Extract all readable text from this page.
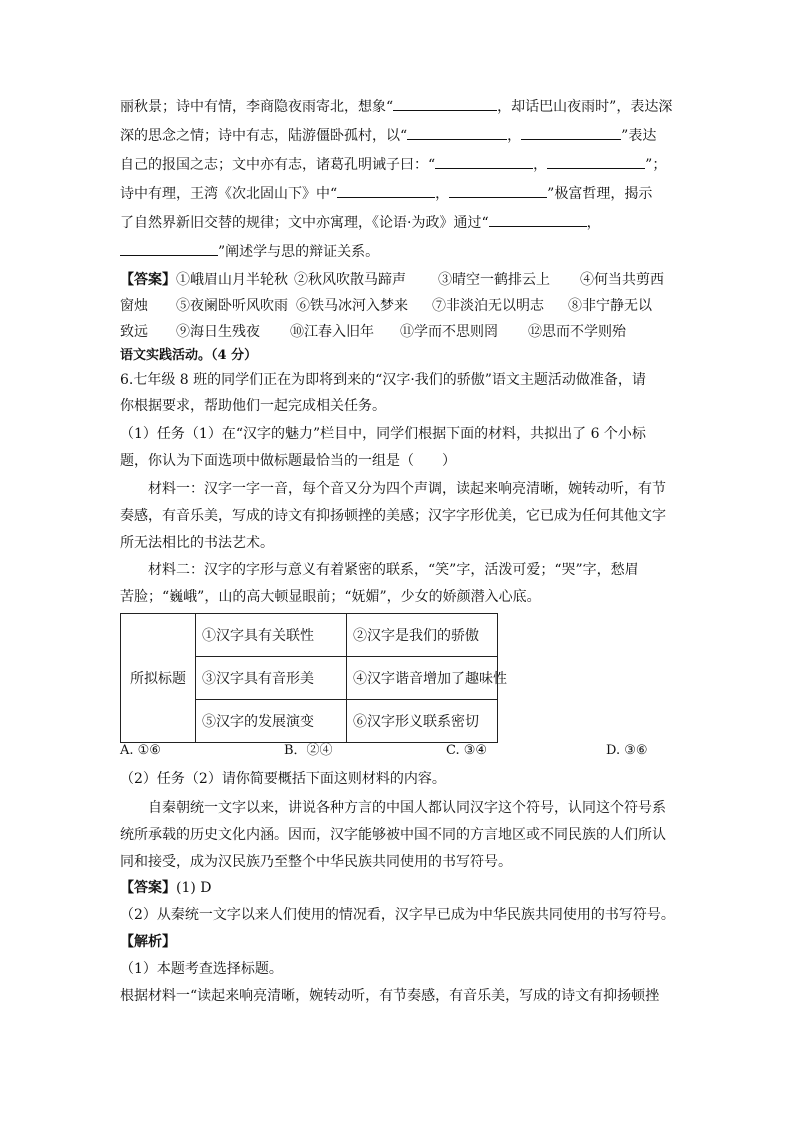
丽秋景；诗中有情，李商隐夜雨寄北，想象“	，却话巴山夜雨时”，表达深
深的思念之情；诗中有志，陆游僵卧孤村，以“	，	”表达
自己的报国之志；文中亦有志，诸葛孔明诫子曰：“	，	”；
诗中有理，王湾《次北固山下》中“	，	”极富哲理，揭示
了自然界新旧交替的规律；文中亦寓理，《论语·为政》通过“	，
”阐述学与思的辩证关系。
【答案】①峨眉山月半轮秋 ②秋风吹散马蹄声 ③晴空一鹤排云上 ④何当共剪西
窗烛 ⑤夜阑卧听风吹雨 ⑥铁马冰河入梦来 ⑦非淡泊无以明志 ⑧非宁静无以
致远 ⑨海日生残夜 ⑩江春入旧年 ⑪学而不思则罔 ⑫思而不学则殆
语文实践活动。（4 分）
6.七年级 8 班的同学们正在为即将到来的“汉字·我们的骄傲”语文主题活动做准备，请
你根据要求，帮助他们一起完成相关任务。
（1）任务（1）在“汉字的魅力”栏目中，同学们根据下面的材料，共拟出了 6 个小标
题，你认为下面选项中做标题最恰当的一组是（　　）
材料一：汉字一字一音，每个音又分为四个声调，读起来响亮清晰，婉转动听，有节
奏感，有音乐美，写成的诗文有抑扬顿挫的美感；汉字字形优美，它已成为任何其他文字
所无法相比的书法艺术。
材料二：汉字的字形与意义有着紧密的联系，“笑”字，活泼可爱；“哭”字，愁眉
苦脸；“巍峨”，山的高大顿显眼前；“妩媚”，少女的娇颜潜入心底。
所拟标题	①汉字具有关联性	②汉字是我们的骄傲
	③汉字具有音形美	④汉字谐音增加了趣味性
	⑤汉字的发展演变	⑥汉字形义联系密切
A. ①⑥	B．②④	C. ③④	D. ③⑥
（2）任务（2）请你简要概括下面这则材料的内容。
自秦朝统一文字以来，讲说各种方言的中国人都认同汉字这个符号，认同这个符号系
统所承载的历史文化内涵。因而，汉字能够被中国不同的方言地区或不同民族的人们所认
同和接受，成为汉民族乃至整个中华民族共同使用的书写符号。
【答案】(1) D
（2）从秦统一文字以来人们使用的情况看，汉字早已成为中华民族共同使用的书写符号。
【解析】
（1）本题考查选择标题。
根据材料一“读起来响亮清晰，婉转动听，有节奏感，有音乐美，写成的诗文有抑扬顿挫
